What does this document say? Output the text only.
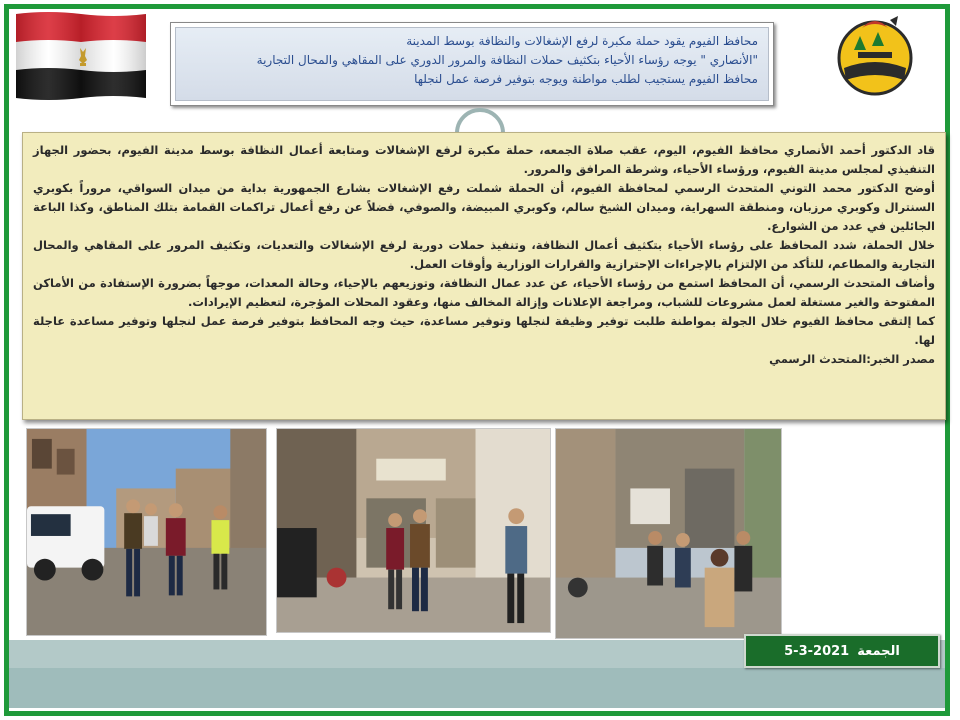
محافظ الفيوم يقود حملة مكبرة لرفع الإشغالات والنظافة بوسط المدينة
"الأنصاري " يوجه رؤساء الأحياء بتكثيف حملات النظافة والمرور الدوري على المقاهي والمحال التجارية
محافظ الفيوم يستجيب لطلب مواطنة ويوجه بتوفير فرصة عمل لنجلها

قاد الدكتور أحمد الأنصاري محافظ الفيوم، اليوم، عقب صلاة الجمعه، حملة مكبرة لرفع الإشغالات ومتابعة أعمال النظافة بوسط مدينة الفيوم، بحضور الجهاز التنفيذي لمجلس مدينة الفيوم، ورؤساء الأحياء، وشرطة المرافق والمرور.

أوضح الدكتور محمد التوني المتحدث الرسمي لمحافظة الفيوم، أن الحملة شملت رفع الإشغالات بشارع الجمهورية بداية من ميدان السواقي، مروراً بكوبري السنترال وكوبري مرزبان، ومنطقة السهراية، وميدان الشيخ سالم، وكوبري المبيضة، والصوفي، فضلاً عن رفع أعمال تراكمات القمامة بتلك المناطق، وكذا الباعة الجائلين في عدد من الشوارع.

خلال الحملة، شدد المحافظ على رؤساء الأحياء بتكثيف أعمال النظافة، وتنفيذ حملات دورية لرفع الإشغالات والتعديات، وتكثيف المرور على المقاهي والمحال التجارية والمطاعم، للتأكد من الإلتزام بالإجراءات الإحترازية والقرارات الوزارية وأوقات العمل.

وأضاف المتحدث الرسمي، أن المحافظ استمع من رؤساء الأحياء، عن عدد عمال النظافة، وتوزيعهم بالإحياء، وحالة المعدات، موجهاً بضرورة الإستفادة من الأماكن المفتوحة والغير مستغلة لعمل مشروعات للشباب، ومراجعة الإعلانات وإزالة المخالف منها، وعقود المحلات المؤجرة، لتعظيم الإيرادات.

كما إلتقى محافظ الفيوم خلال الجولة بمواطنة طلبت توفير وظيفة لنجلها وتوفير مساعدة، حيث وجه المحافظ بتوفير فرصة عمل لنجلها وتوفير مساعدة عاجلة لها.

مصدر الخبر:المتحدث الرسمي

الجمعة
5-3-2021
